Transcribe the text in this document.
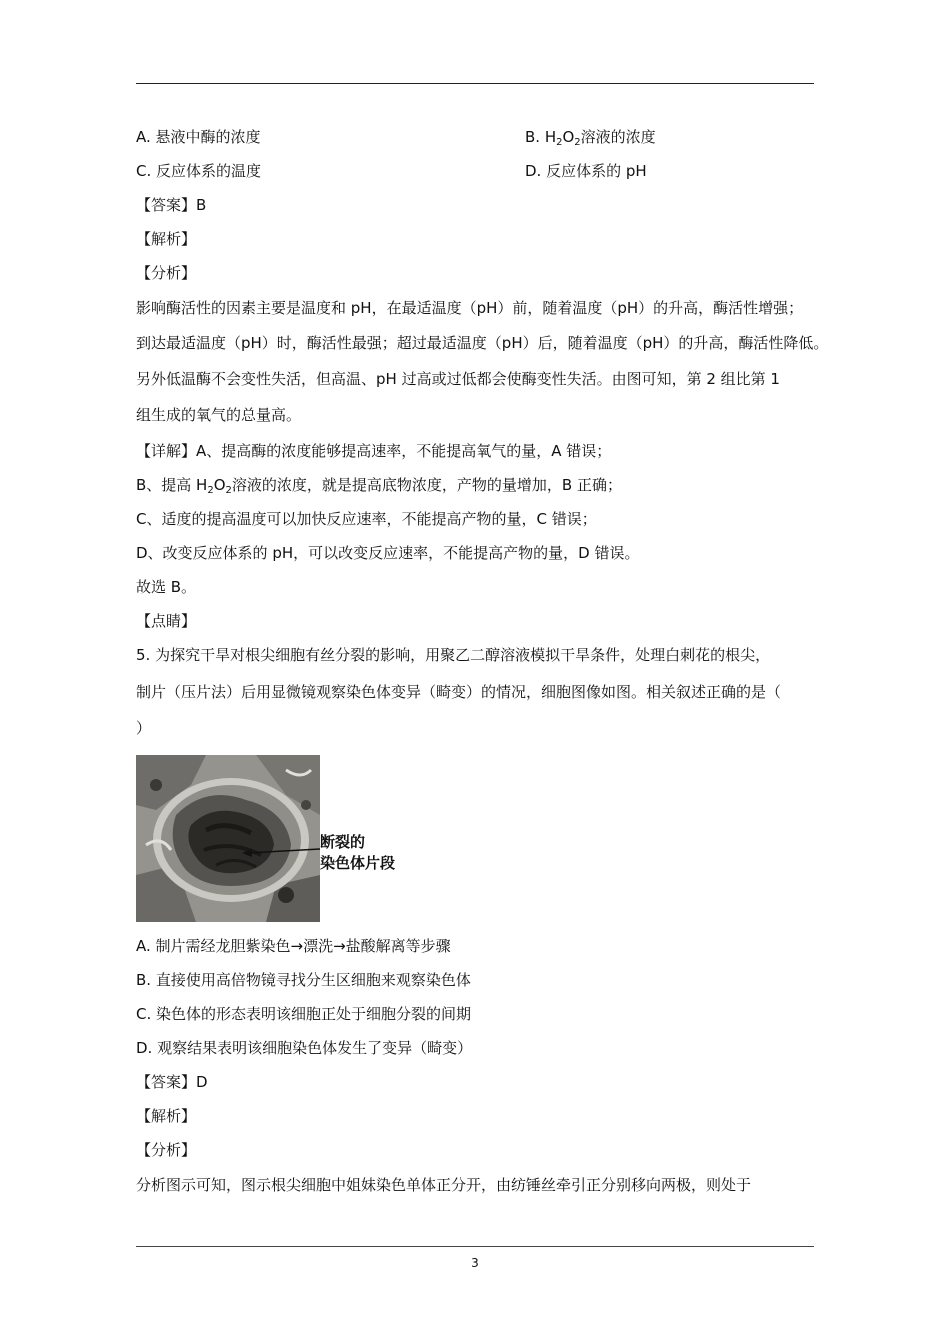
A. 悬液中酶的浓度	B. $H_2O_2$溶液的浓度
C. 反应体系的温度	D. 反应体系的 pH
【答案】B
【解析】
【分析】
影响酶活性的因素主要是温度和 pH，在最适温度（pH）前，随着温度（pH）的升高，酶活性增强；
到达最适温度（pH）时，酶活性最强；超过最适温度（pH）后，随着温度（pH）的升高，酶活性降低。
另外低温酶不会变性失活，但高温、pH 过高或过低都会使酶变性失活。由图可知，第 2 组比第 1
组生成的氧气的总量高。
【详解】A、提高酶的浓度能够提高速率，不能提高氧气的量，A 错误；
B、提高 $H_2O_2$溶液的浓度，就是提高底物浓度，产物的量增加，B 正确；
C、适度的提高温度可以加快反应速率，不能提高产物的量，C 错误；
D、改变反应体系的 pH，可以改变反应速率，不能提高产物的量，D 错误。
故选 B。
【点睛】
5. 为探究干旱对根尖细胞有丝分裂的影响，用聚乙二醇溶液模拟干旱条件，处理白刺花的根尖，
制片（压片法）后用显微镜观察染色体变异（畸变）的情况，细胞图像如图。相关叙述正确的是（
）
断裂的
染色体片段
A. 制片需经龙胆紫染色→漂洗→盐酸解离等步骤
B. 直接使用高倍物镜寻找分生区细胞来观察染色体
C. 染色体的形态表明该细胞正处于细胞分裂的间期
D. 观察结果表明该细胞染色体发生了变异（畸变）
【答案】D
【解析】
【分析】
分析图示可知，图示根尖细胞中姐妹染色单体正分开，由纺锤丝牵引正分别移向两极，则处于
3
